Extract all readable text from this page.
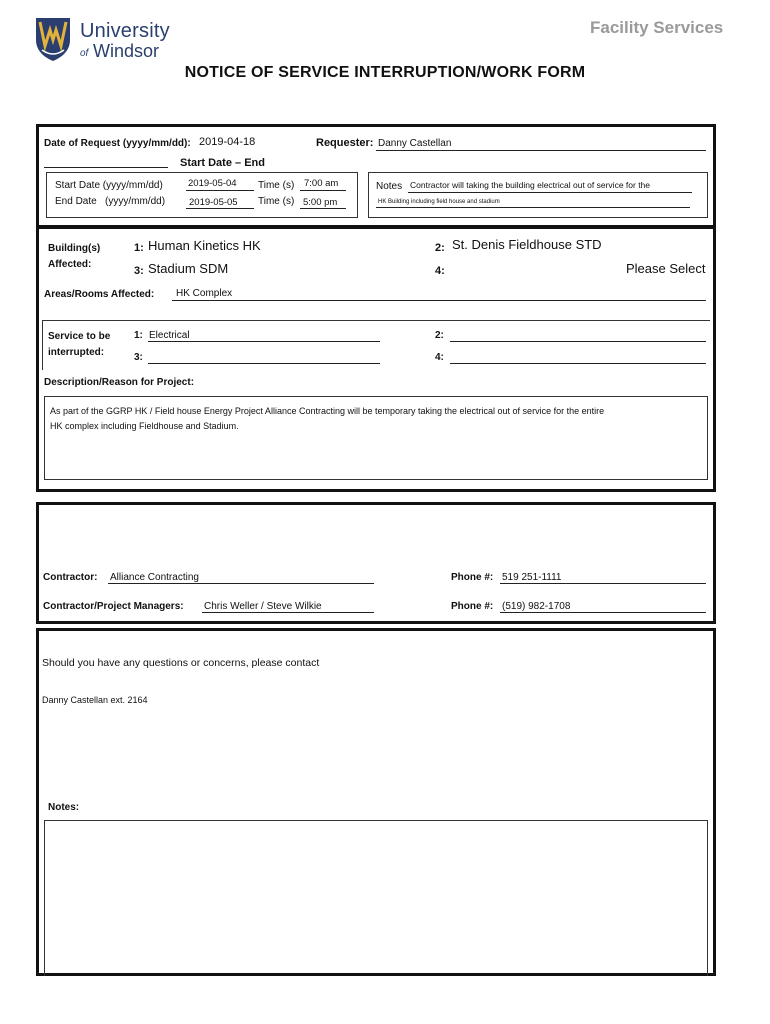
University
of Windsor
Facility Services
NOTICE OF SERVICE INTERRUPTION/WORK FORM
Date of Request (yyyy/mm/dd): 2019-04-18	Requester: Danny Castellan
Start Date – End
Start Date (yyyy/mm/dd)	2019-05-04 Time (s) 7:00 am
End Date   (yyyy/mm/dd)	2019-05-05 Time (s) 5:00 pm
Notes Contractor will taking the building electrical out of service for the
HK Building including field house and stadium
Building(s)
Affected:
1: Human Kinetics HK	2: St. Denis Fieldhouse STD
3: Stadium SDM	4:	Please Select
Areas/Rooms Affected: HK Complex
Service to be
interrupted:
1: Electrical	2:
3:	4:
Description/Reason for Project:
As part of the GGRP HK / Field house Energy Project Alliance Contracting will be temporary taking the electrical out of service for the entire
HK complex including Fieldhouse and Stadium.
Contractor: Alliance Contracting	Phone #: 519 251-1111
Contractor/Project Managers: Chris Weller / Steve Wilkie	Phone #: (519) 982-1708
Should you have any questions or concerns, please contact
Danny Castellan ext. 2164
Notes:
